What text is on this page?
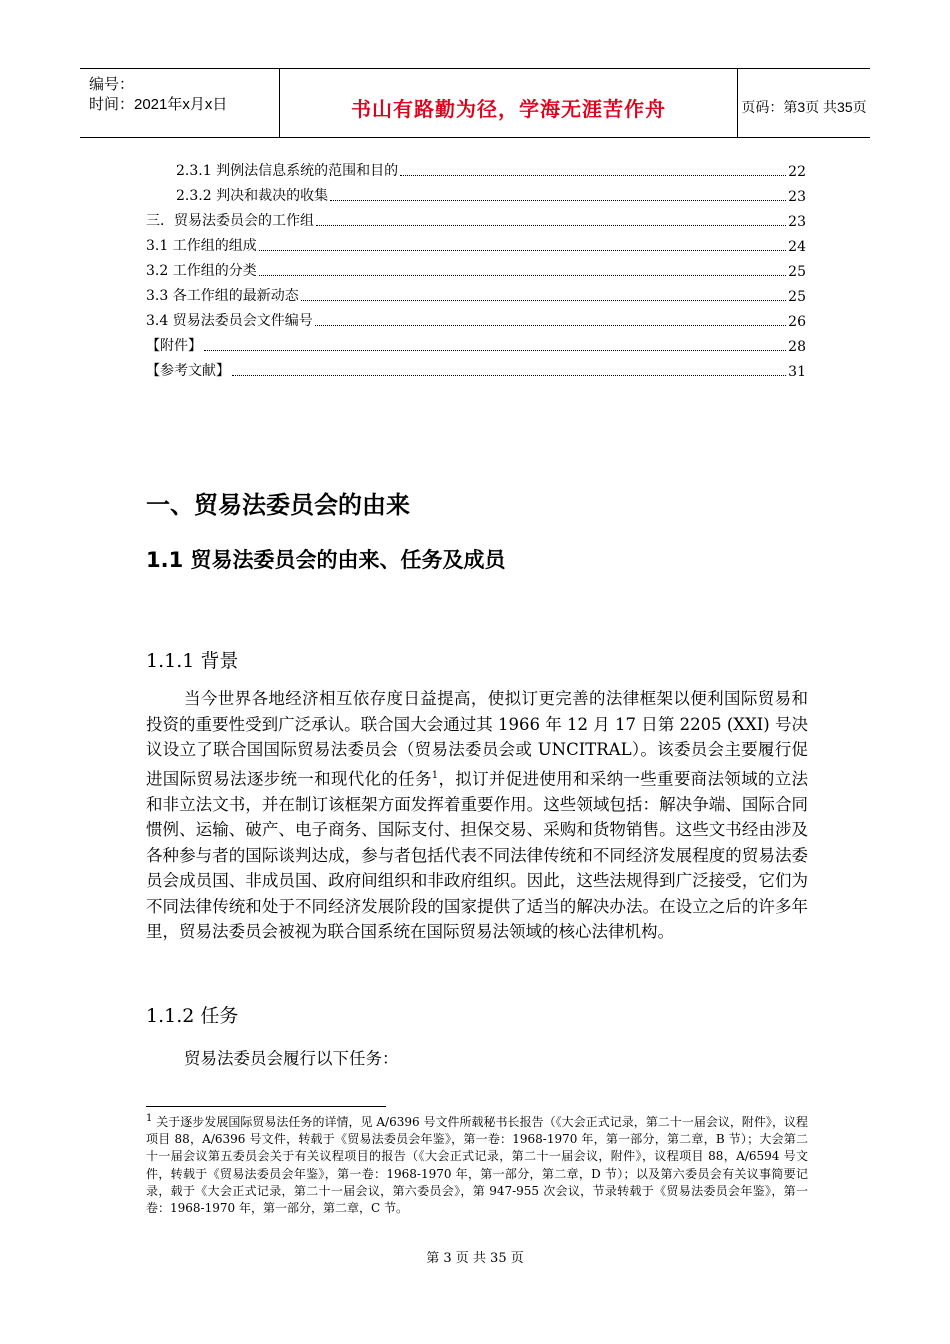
编号：
时间：2021年x月x日	书山有路勤为径，学海无涯苦作舟	页码：第3页 共35页
2.3.1 判例法信息系统的范围和目的	22
2.3.2 判决和裁决的收集	23
三．贸易法委员会的工作组	23
3.1 工作组的组成	24
3.2 工作组的分类	25
3.3 各工作组的最新动态	25
3.4 贸易法委员会文件编号	26
【附件】	28
【参考文献】	31
一、贸易法委员会的由来
1.1 贸易法委员会的由来、任务及成员
1.1.1 背景

当今世界各地经济相互依存度日益提高，使拟订更完善的法律框架以便利国际贸易和投资的重要性受到广泛承认。联合国大会通过其 1966 年 12 月 17 日第 2205 (XXI) 号决议设立了联合国国际贸易法委员会（贸易法委员会或 UNCITRAL）。该委员会主要履行促进国际贸易法逐步统一和现代化的任务$^1$，拟订并促进使用和采纳一些重要商法领域的立法和非立法文书，并在制订该框架方面发挥着重要作用。这些领域包括：解决争端、国际合同惯例、运输、破产、电子商务、国际支付、担保交易、采购和货物销售。这些文书经由涉及各种参与者的国际谈判达成，参与者包括代表不同法律传统和不同经济发展程度的贸易法委员会成员国、非成员国、政府间组织和非政府组织。因此，这些法规得到广泛接受，它们为不同法律传统和处于不同经济发展阶段的国家提供了适当的解决办法。在设立之后的许多年里，贸易法委员会被视为联合国系统在国际贸易法领域的核心法律机构。

1.1.2 任务

贸易法委员会履行以下任务：

$^1$ 关于逐步发展国际贸易法任务的详情，见 A/6396 号文件所载秘书长报告（《大会正式记录，第二十一届会议，附件》，议程项目 88，A/6396 号文件，转载于《贸易法委员会年鉴》，第一卷：1968-1970 年，第一部分，第二章，B 节）；大会第二十一届会议第五委员会关于有关议程项目的报告（《大会正式记录，第二十一届会议，附件》，议程项目 88，A/6594 号文件，转载于《贸易法委员会年鉴》，第一卷：1968-1970 年，第一部分，第二章，D 节）；以及第六委员会有关议事简要记录，载于《大会正式记录，第二十一届会议，第六委员会》，第 947-955 次会议，节录转载于《贸易法委员会年鉴》，第一卷：1968-1970 年，第一部分，第二章，C 节。

第 3 页 共 35 页
